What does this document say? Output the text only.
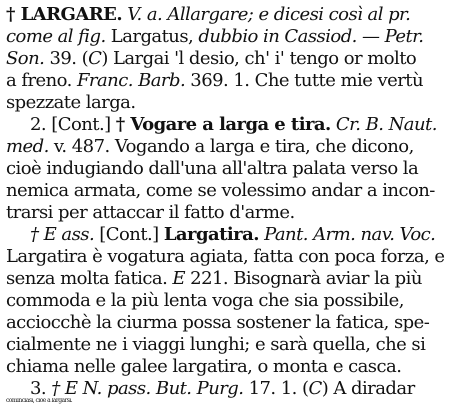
† LARGARE. V. a. Allargare; e dicesi così al pr.
come al fig. Largatus, dubbio in Cassiod. — Petr.
Son. 39. (C) Largai 'l desio, ch' i' tengo or molto
a freno. Franc. Barb. 369. 1. Che tutte mie vertù
spezzate larga.
2. [Cont.] † Vogare a larga e tira. Cr. B. Naut.
med. v. 487. Vogando a larga e tira, che dicono,
cioè indugiando dall'una all'altra palata verso la
nemica armata, come se volessimo andar a incon-
trarsi per attaccar il fatto d'arme.
† E ass. [Cont.] Largatira. Pant. Arm. nav. Voc.
Largatira è vogatura agiata, fatta con poca forza, e
senza molta fatica. E 221. Bisognarà aviar la più
commoda e la più lenta voga che sia possibile,
acciocchè la ciurma possa sostener la fatica, spe-
cialmente ne i viaggi lunghi; e sarà quella, che si
chiama nelle galee largatira, o monta e casca.
3. † E N. pass. But. Purg. 17. 1. (C) A diradar
cominciasi, cioè a largarsi.
